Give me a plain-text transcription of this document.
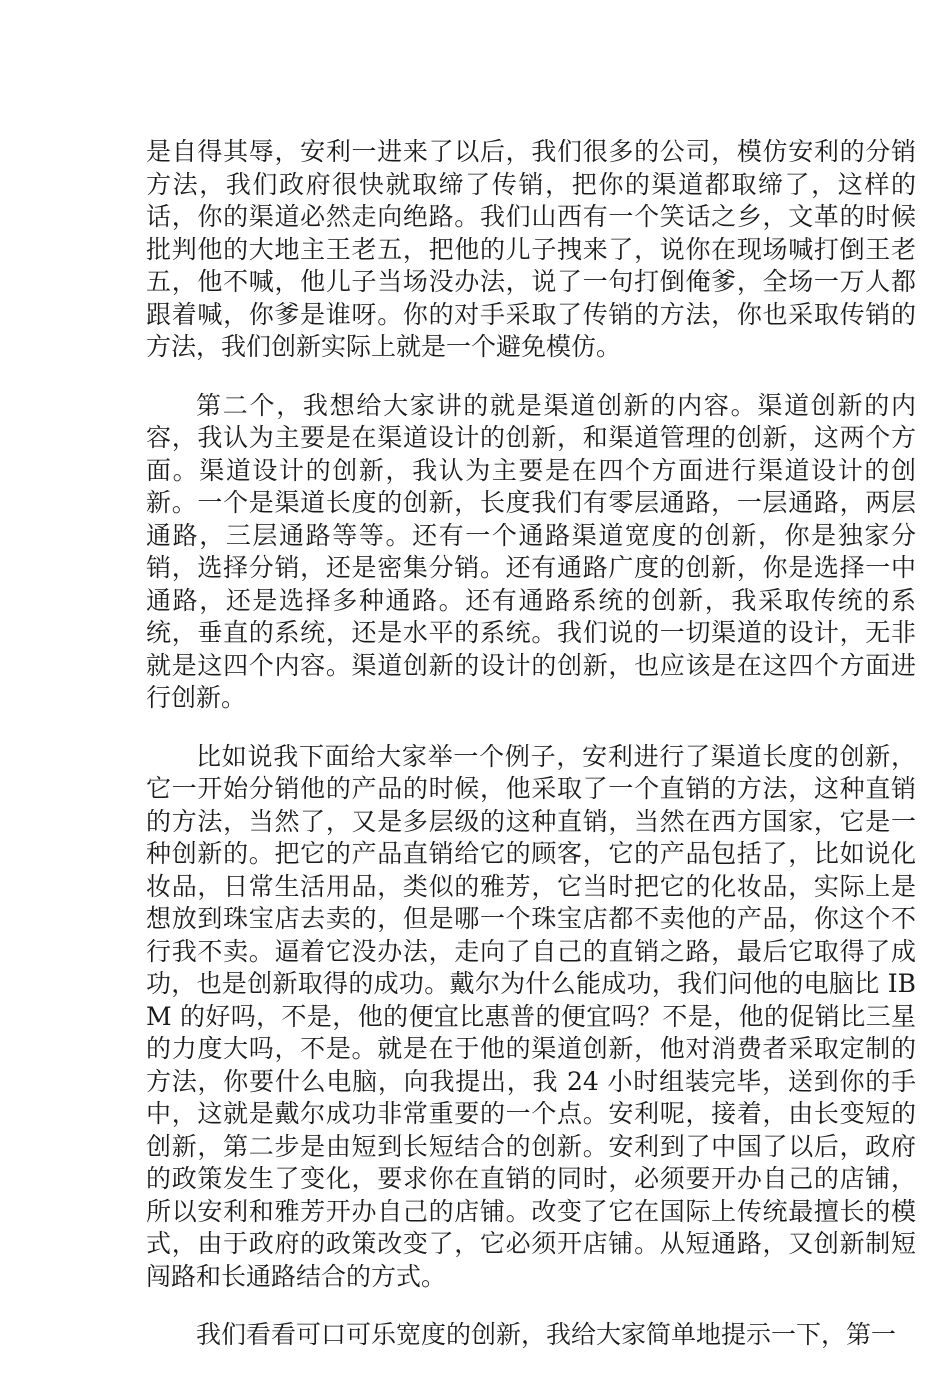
是自得其辱，安利一进来了以后，我们很多的公司，模仿安利的分销方法，我们政府很快就取缔了传销，把你的渠道都取缔了，这样的话，你的渠道必然走向绝路。我们山西有一个笑话之乡，文革的时候批判他的大地主王老五，把他的儿子拽来了，说你在现场喊打倒王老五，他不喊，他儿子当场没办法，说了一句打倒俺爹，全场一万人都跟着喊，你爹是谁呀。你的对手采取了传销的方法，你也采取传销的方法，我们创新实际上就是一个避免模仿。

第二个，我想给大家讲的就是渠道创新的内容。渠道创新的内容，我认为主要是在渠道设计的创新，和渠道管理的创新，这两个方面。渠道设计的创新，我认为主要是在四个方面进行渠道设计的创新。一个是渠道长度的创新，长度我们有零层通路，一层通路，两层通路，三层通路等等。还有一个通路渠道宽度的创新，你是独家分销，选择分销，还是密集分销。还有通路广度的创新，你是选择一中通路，还是选择多种通路。还有通路系统的创新，我采取传统的系统，垂直的系统，还是水平的系统。我们说的一切渠道的设计，无非就是这四个内容。渠道创新的设计的创新，也应该是在这四个方面进行创新。

比如说我下面给大家举一个例子，安利进行了渠道长度的创新，它一开始分销他的产品的时候，他采取了一个直销的方法，这种直销的方法，当然了，又是多层级的这种直销，当然在西方国家，它是一种创新的。把它的产品直销给它的顾客，它的产品包括了，比如说化妆品，日常生活用品，类似的雅芳，它当时把它的化妆品，实际上是想放到珠宝店去卖的，但是哪一个珠宝店都不卖他的产品，你这个不行我不卖。逼着它没办法，走向了自己的直销之路，最后它取得了成功，也是创新取得的成功。戴尔为什么能成功，我们问他的电脑比 IBM 的好吗，不是，他的便宜比惠普的便宜吗？不是，他的促销比三星的力度大吗，不是。就是在于他的渠道创新，他对消费者采取定制的方法，你要什么电脑，向我提出，我 24 小时组装完毕，送到你的手中，这就是戴尔成功非常重要的一个点。安利呢，接着，由长变短的创新，第二步是由短到长短结合的创新。安利到了中国了以后，政府的政策发生了变化，要求你在直销的同时，必须要开办自己的店铺，所以安利和雅芳开办自己的店铺。改变了它在国际上传统最擅长的模式，由于政府的政策改变了，它必须开店铺。从短通路，又创新制短闯路和长通路结合的方式。

我们看看可口可乐宽度的创新，我给大家简单地提示一下，第一
